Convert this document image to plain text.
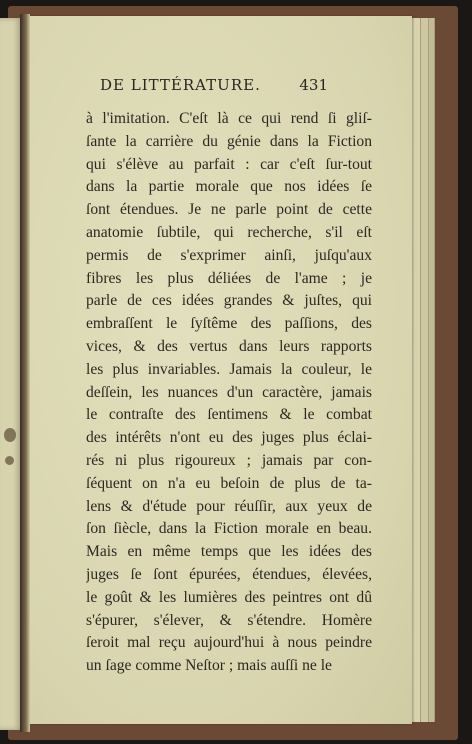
DE LITTÉRATURE.	431
à l'imitation. C'eſt là ce qui rend ſi gliſ-
ſante la carrière du génie dans la Fiction
qui s'élève au parfait : car c'eſt ſur-tout
dans la partie morale que nos idées ſe
ſont étendues. Je ne parle point de cette
anatomie ſubtile, qui recherche, s'il eſt
permis de s'exprimer ainſi, juſqu'aux
fibres les plus déliées de l'ame ; je
parle de ces idées grandes & juſtes, qui
embraſſent le ſyſtême des paſſions, des
vices, & des vertus dans leurs rapports
les plus invariables. Jamais la couleur, le
deſſein, les nuances d'un caractère, jamais
le contraſte des ſentimens & le combat
des intérêts n'ont eu des juges plus éclai-
rés ni plus rigoureux ; jamais par con-
ſéquent on n'a eu beſoin de plus de ta-
lens & d'étude pour réuſſir, aux yeux de
ſon ſiècle, dans la Fiction morale en beau.
Mais en même temps que les idées des
juges ſe ſont épurées, étendues, élevées,
le goût & les lumières des peintres ont dû
s'épurer, s'élever, & s'étendre. Homère
ſeroit mal reçu aujourd'hui à nous peindre
un ſage comme Neſtor ; mais auſſi ne le
